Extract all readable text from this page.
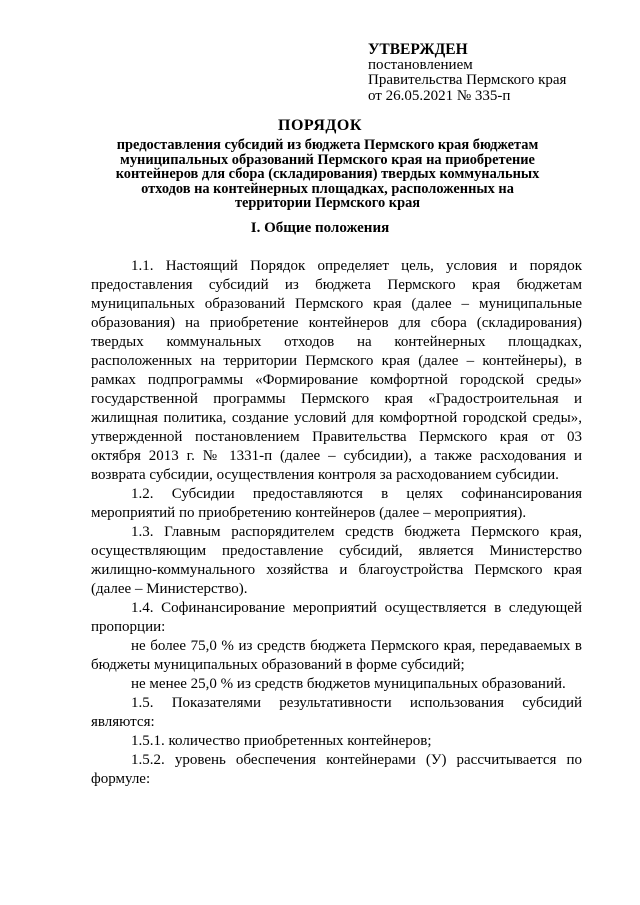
УТВЕРЖДЕН
постановлением
Правительства Пермского края
от 26.05.2021 № 335-п
ПОРЯДОК
предоставления субсидий из бюджета Пермского края бюджетам муниципальных образований Пермского края на приобретение контейнеров для сбора (складирования) твердых коммунальных отходов на контейнерных площадках, расположенных на территории Пермского края
I. Общие положения

1.1. Настоящий Порядок определяет цель, условия и порядок предоставления субсидий из бюджета Пермского края бюджетам муниципальных образований Пермского края (далее – муниципальные образования) на приобретение контейнеров для сбора (складирования) твердых коммунальных отходов на контейнерных площадках, расположенных на территории Пермского края (далее – контейнеры), в рамках подпрограммы «Формирование комфортной городской среды» государственной программы Пермского края «Градостроительная и жилищная политика, создание условий для комфортной городской среды», утвержденной постановлением Правительства Пермского края от 03 октября 2013 г. № 1331-п (далее – субсидии), а также расходования и возврата субсидии, осуществления контроля за расходованием субсидии.

1.2. Субсидии предоставляются в целях софинансирования мероприятий по приобретению контейнеров (далее – мероприятия).

1.3. Главным распорядителем средств бюджета Пермского края, осуществляющим предоставление субсидий, является Министерство жилищно-коммунального хозяйства и благоустройства Пермского края (далее – Министерство).

1.4. Софинансирование мероприятий осуществляется в следующей пропорции:

не более 75,0 % из средств бюджета Пермского края, передаваемых в бюджеты муниципальных образований в форме субсидий;

не менее 25,0 % из средств бюджетов муниципальных образований.

1.5. Показателями результативности использования субсидий являются:

1.5.1. количество приобретенных контейнеров;

1.5.2. уровень обеспечения контейнерами (У) рассчитывается по формуле:
